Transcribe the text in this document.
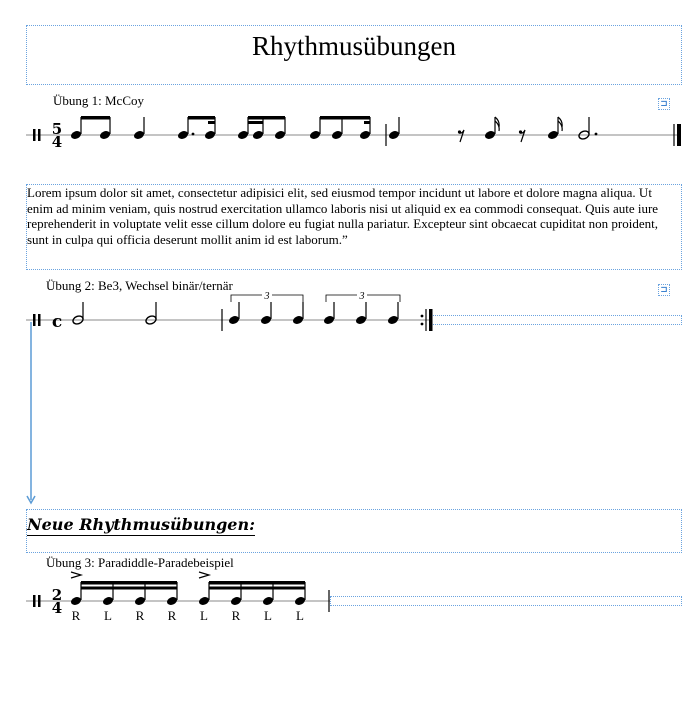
Rhythmusübungen
Übung 1: McCoy
Übung 2: Be3, Wechsel binär/ternär
Übung 3: Paradiddle-Paradebeispiel
⊐
⊐
Lorem ipsum dolor sit amet, consectetur adipisici elit, sed eiusmod tempor incidunt ut labore et dolore magna aliqua. Ut enim ad minim veniam, quis nostrud exercitation ullamco laboris nisi ut aliquid ex ea commodi consequat. Quis aute iure reprehenderit in voluptate velit esse cillum dolore eu fugiat nulla pariatur. Excepteur sint obcaecat cupiditat non proident, sunt in culpa qui officia deserunt mollit anim id est laborum.”
Neue Rhythmusübungen:
5
4
c
3	3
2
4 R L R R L R L L
